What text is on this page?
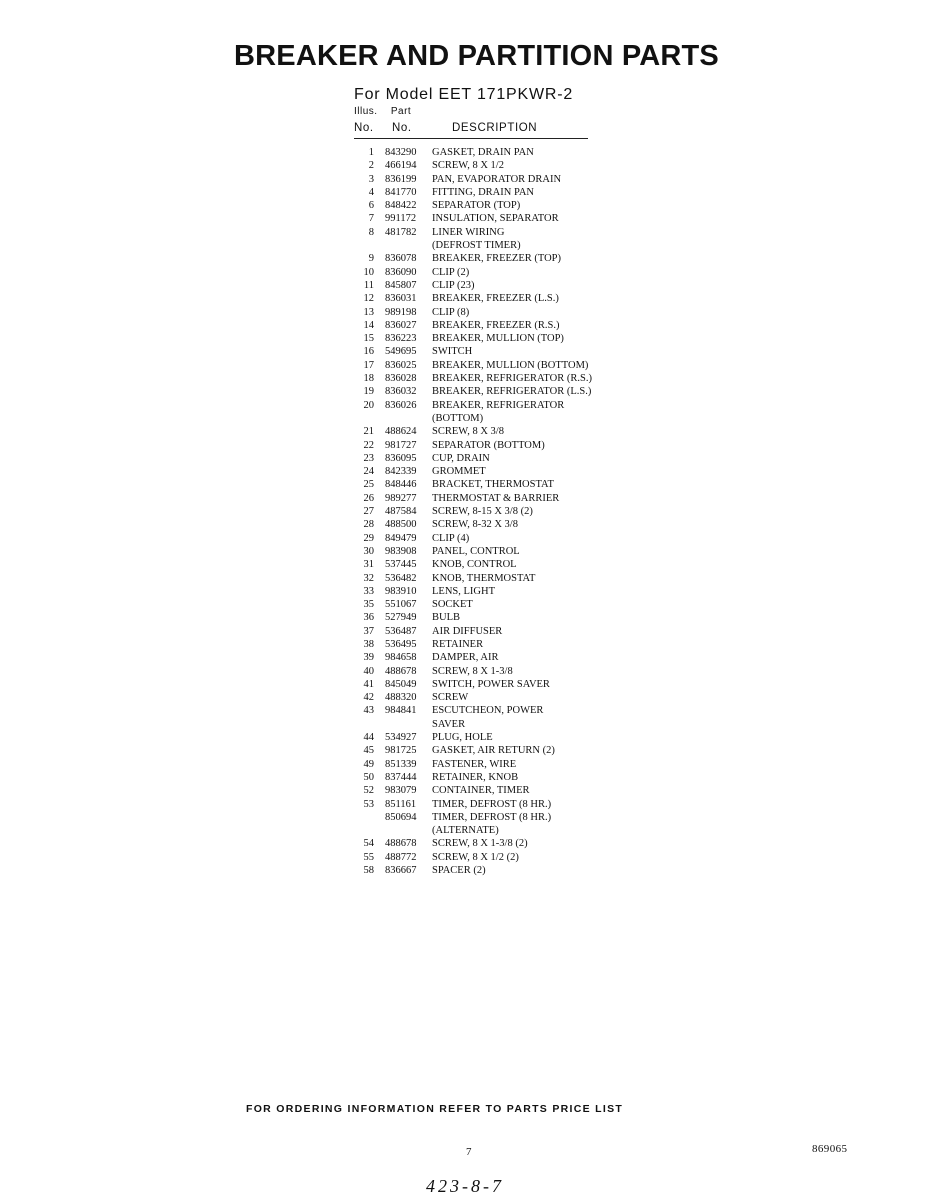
BREAKER AND PARTITION PARTS
For Model EET 171PKWR-2
Illus. Part
No. No.	DESCRIPTION
1 843290 GASKET, DRAIN PAN
2 466194 SCREW, 8 X 1/2
3 836199 PAN, EVAPORATOR DRAIN
4 841770 FITTING, DRAIN PAN
6 848422 SEPARATOR (TOP)
7 991172 INSULATION, SEPARATOR
8 481782 LINER WIRING
(DEFROST TIMER)
9 836078 BREAKER, FREEZER (TOP)
10 836090 CLIP (2)
11 845807 CLIP (23)
12 836031 BREAKER, FREEZER (L.S.)
13 989198 CLIP (8)
14 836027 BREAKER, FREEZER (R.S.)
15 836223 BREAKER, MULLION (TOP)
16 549695 SWITCH
17 836025 BREAKER, MULLION (BOTTOM)
18 836028 BREAKER, REFRIGERATOR (R.S.)
19 836032 BREAKER, REFRIGERATOR (L.S.)
20 836026 BREAKER, REFRIGERATOR
(BOTTOM)
21 488624 SCREW, 8 X 3/8
22 981727 SEPARATOR (BOTTOM)
23 836095 CUP, DRAIN
24 842339 GROMMET
25 848446 BRACKET, THERMOSTAT
26 989277 THERMOSTAT & BARRIER
27 487584 SCREW, 8-15 X 3/8 (2)
28 488500 SCREW, 8-32 X 3/8
29 849479 CLIP (4)
30 983908 PANEL, CONTROL
31 537445 KNOB, CONTROL
32 536482 KNOB, THERMOSTAT
33 983910 LENS, LIGHT
35 551067 SOCKET
36 527949 BULB
37 536487 AIR DIFFUSER
38 536495 RETAINER
39 984658 DAMPER, AIR
40 488678 SCREW, 8 X 1-3/8
41 845049 SWITCH, POWER SAVER
42 488320 SCREW
43 984841 ESCUTCHEON, POWER
SAVER
44 534927 PLUG, HOLE
45 981725 GASKET, AIR RETURN (2)
49 851339 FASTENER, WIRE
50 837444 RETAINER, KNOB
52 983079 CONTAINER, TIMER
53 851161 TIMER, DEFROST (8 HR.)
850694 TIMER, DEFROST (8 HR.)
(ALTERNATE)
54 488678 SCREW, 8 X 1-3/8 (2)
55 488772 SCREW, 8 X 1/2 (2)
58 836667 SPACER (2)
FOR ORDERING INFORMATION REFER TO PARTS PRICE LIST
7	869065
423-8-7
